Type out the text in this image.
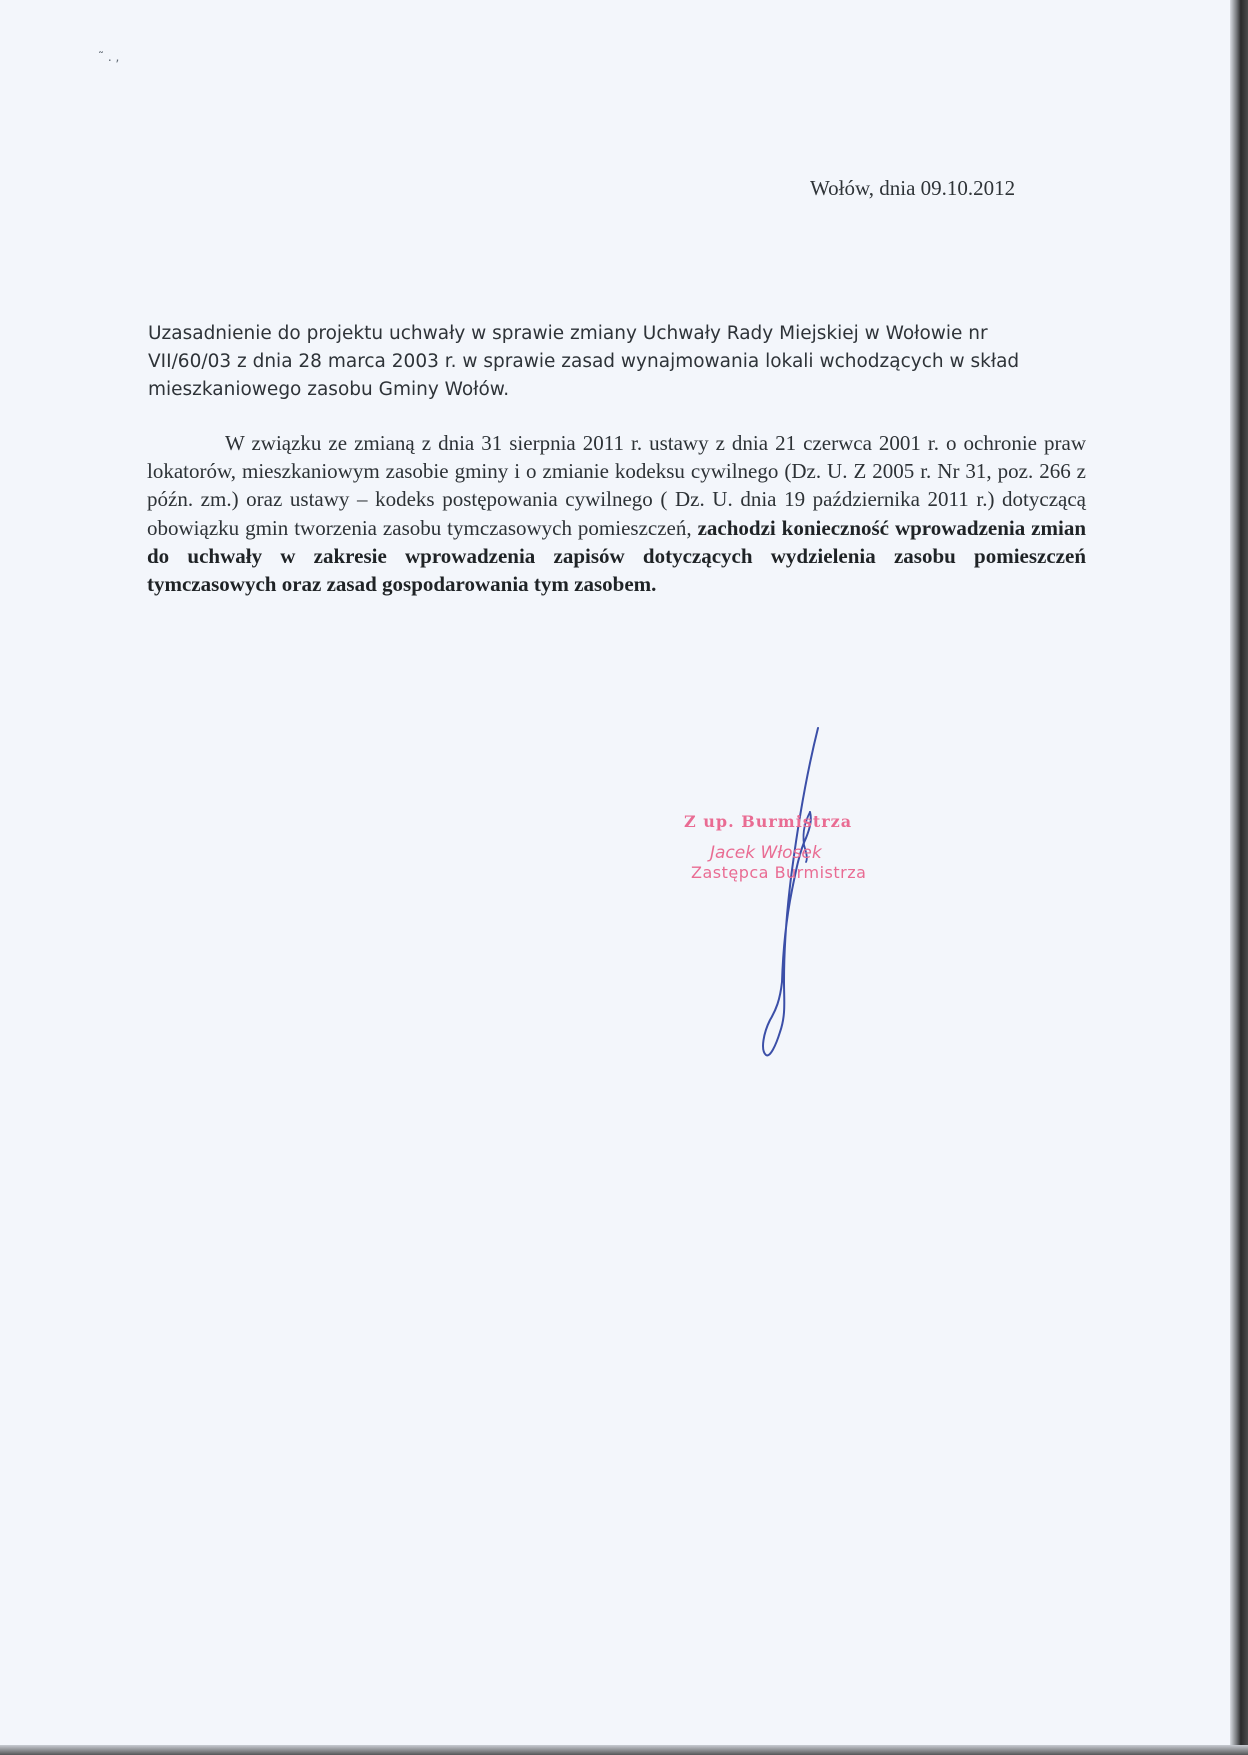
˜ . ,
Wołów, dnia 09.10.2012
Uzasadnienie do projektu uchwały w sprawie zmiany Uchwały Rady Miejskiej w Wołowie nr VII/60/03 z dnia 28 marca 2003 r. w sprawie zasad wynajmowania lokali wchodzących w skład mieszkaniowego zasobu Gminy Wołów.
W związku ze zmianą z dnia 31 sierpnia 2011 r. ustawy z dnia 21 czerwca 2001 r. o ochronie praw lokatorów, mieszkaniowym zasobie gminy i o zmianie kodeksu cywilnego (Dz. U. Z 2005 r. Nr 31, poz. 266 z późn. zm.) oraz ustawy – kodeks postępowania cywilnego ( Dz. U. dnia 19 października 2011 r.) dotyczącą obowiązku gmin tworzenia zasobu tymczasowych pomieszczeń, zachodzi konieczność wprowadzenia zmian do uchwały w zakresie wprowadzenia zapisów dotyczących wydzielenia zasobu pomieszczeń tymczasowych oraz zasad gospodarowania tym zasobem.
Z up. Burmistrza
Jacek Włosek
Zastępca Burmistrza
